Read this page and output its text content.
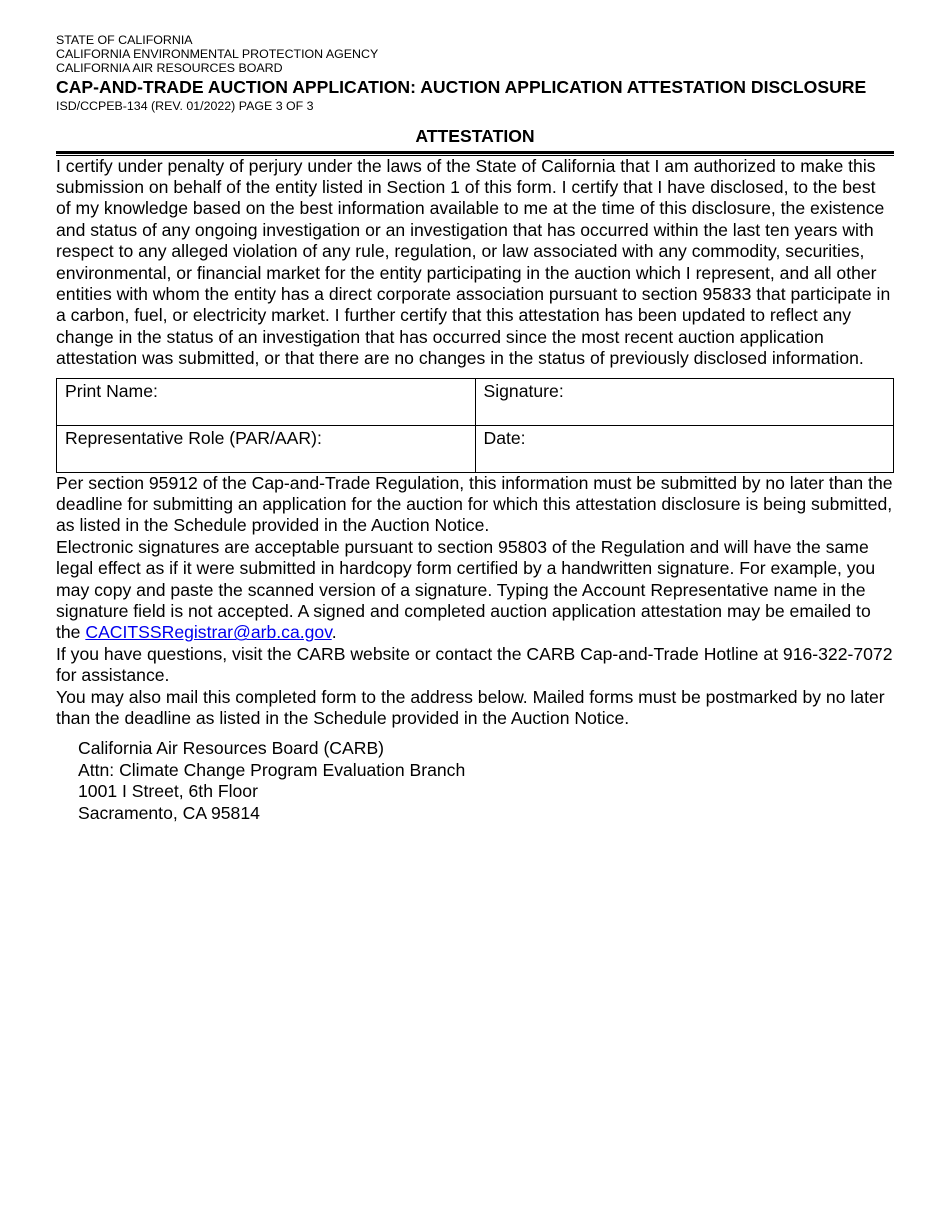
STATE OF CALIFORNIA

CALIFORNIA ENVIRONMENTAL PROTECTION AGENCY

CALIFORNIA AIR RESOURCES BOARD

CAP-AND-TRADE AUCTION APPLICATION: AUCTION APPLICATION ATTESTATION DISCLOSURE

ISD/CCPEB-134 (REV. 01/2022) PAGE 3 OF 3

ATTESTATION

I certify under penalty of perjury under the laws of the State of California that I am authorized to make this submission on behalf of the entity listed in Section 1 of this form. I certify that I have disclosed, to the best of my knowledge based on the best information available to me at the time of this disclosure, the existence and status of any ongoing investigation or an investigation that has occurred within the last ten years with respect to any alleged violation of any rule, regulation, or law associated with any commodity, securities, environmental, or financial market for the entity participating in the auction which I represent, and all other entities with whom the entity has a direct corporate association pursuant to section 95833 that participate in a carbon, fuel, or electricity market. I further certify that this attestation has been updated to reflect any change in the status of an investigation that has occurred since the most recent auction application attestation was submitted, or that there are no changes in the status of previously disclosed information.

Print Name:	Signature:
Representative Role (PAR/AAR):	Date:

Per section 95912 of the Cap-and-Trade Regulation, this information must be submitted by no later than the deadline for submitting an application for the auction for which this attestation disclosure is being submitted, as listed in the Schedule provided in the Auction Notice.

Electronic signatures are acceptable pursuant to section 95803 of the Regulation and will have the same legal effect as if it were submitted in hardcopy form certified by a handwritten signature. For example, you may copy and paste the scanned version of a signature. Typing the Account Representative name in the signature field is not accepted. A signed and completed auction application attestation may be emailed to the CACITSSRegistrar@arb.ca.gov.

If you have questions, visit the CARB website or contact the CARB Cap-and-Trade Hotline at 916-322-7072 for assistance.

You may also mail this completed form to the address below. Mailed forms must be postmarked by no later than the deadline as listed in the Schedule provided in the Auction Notice.

California Air Resources Board (CARB)
Attn: Climate Change Program Evaluation Branch
1001 I Street, 6th Floor
Sacramento, CA 95814
